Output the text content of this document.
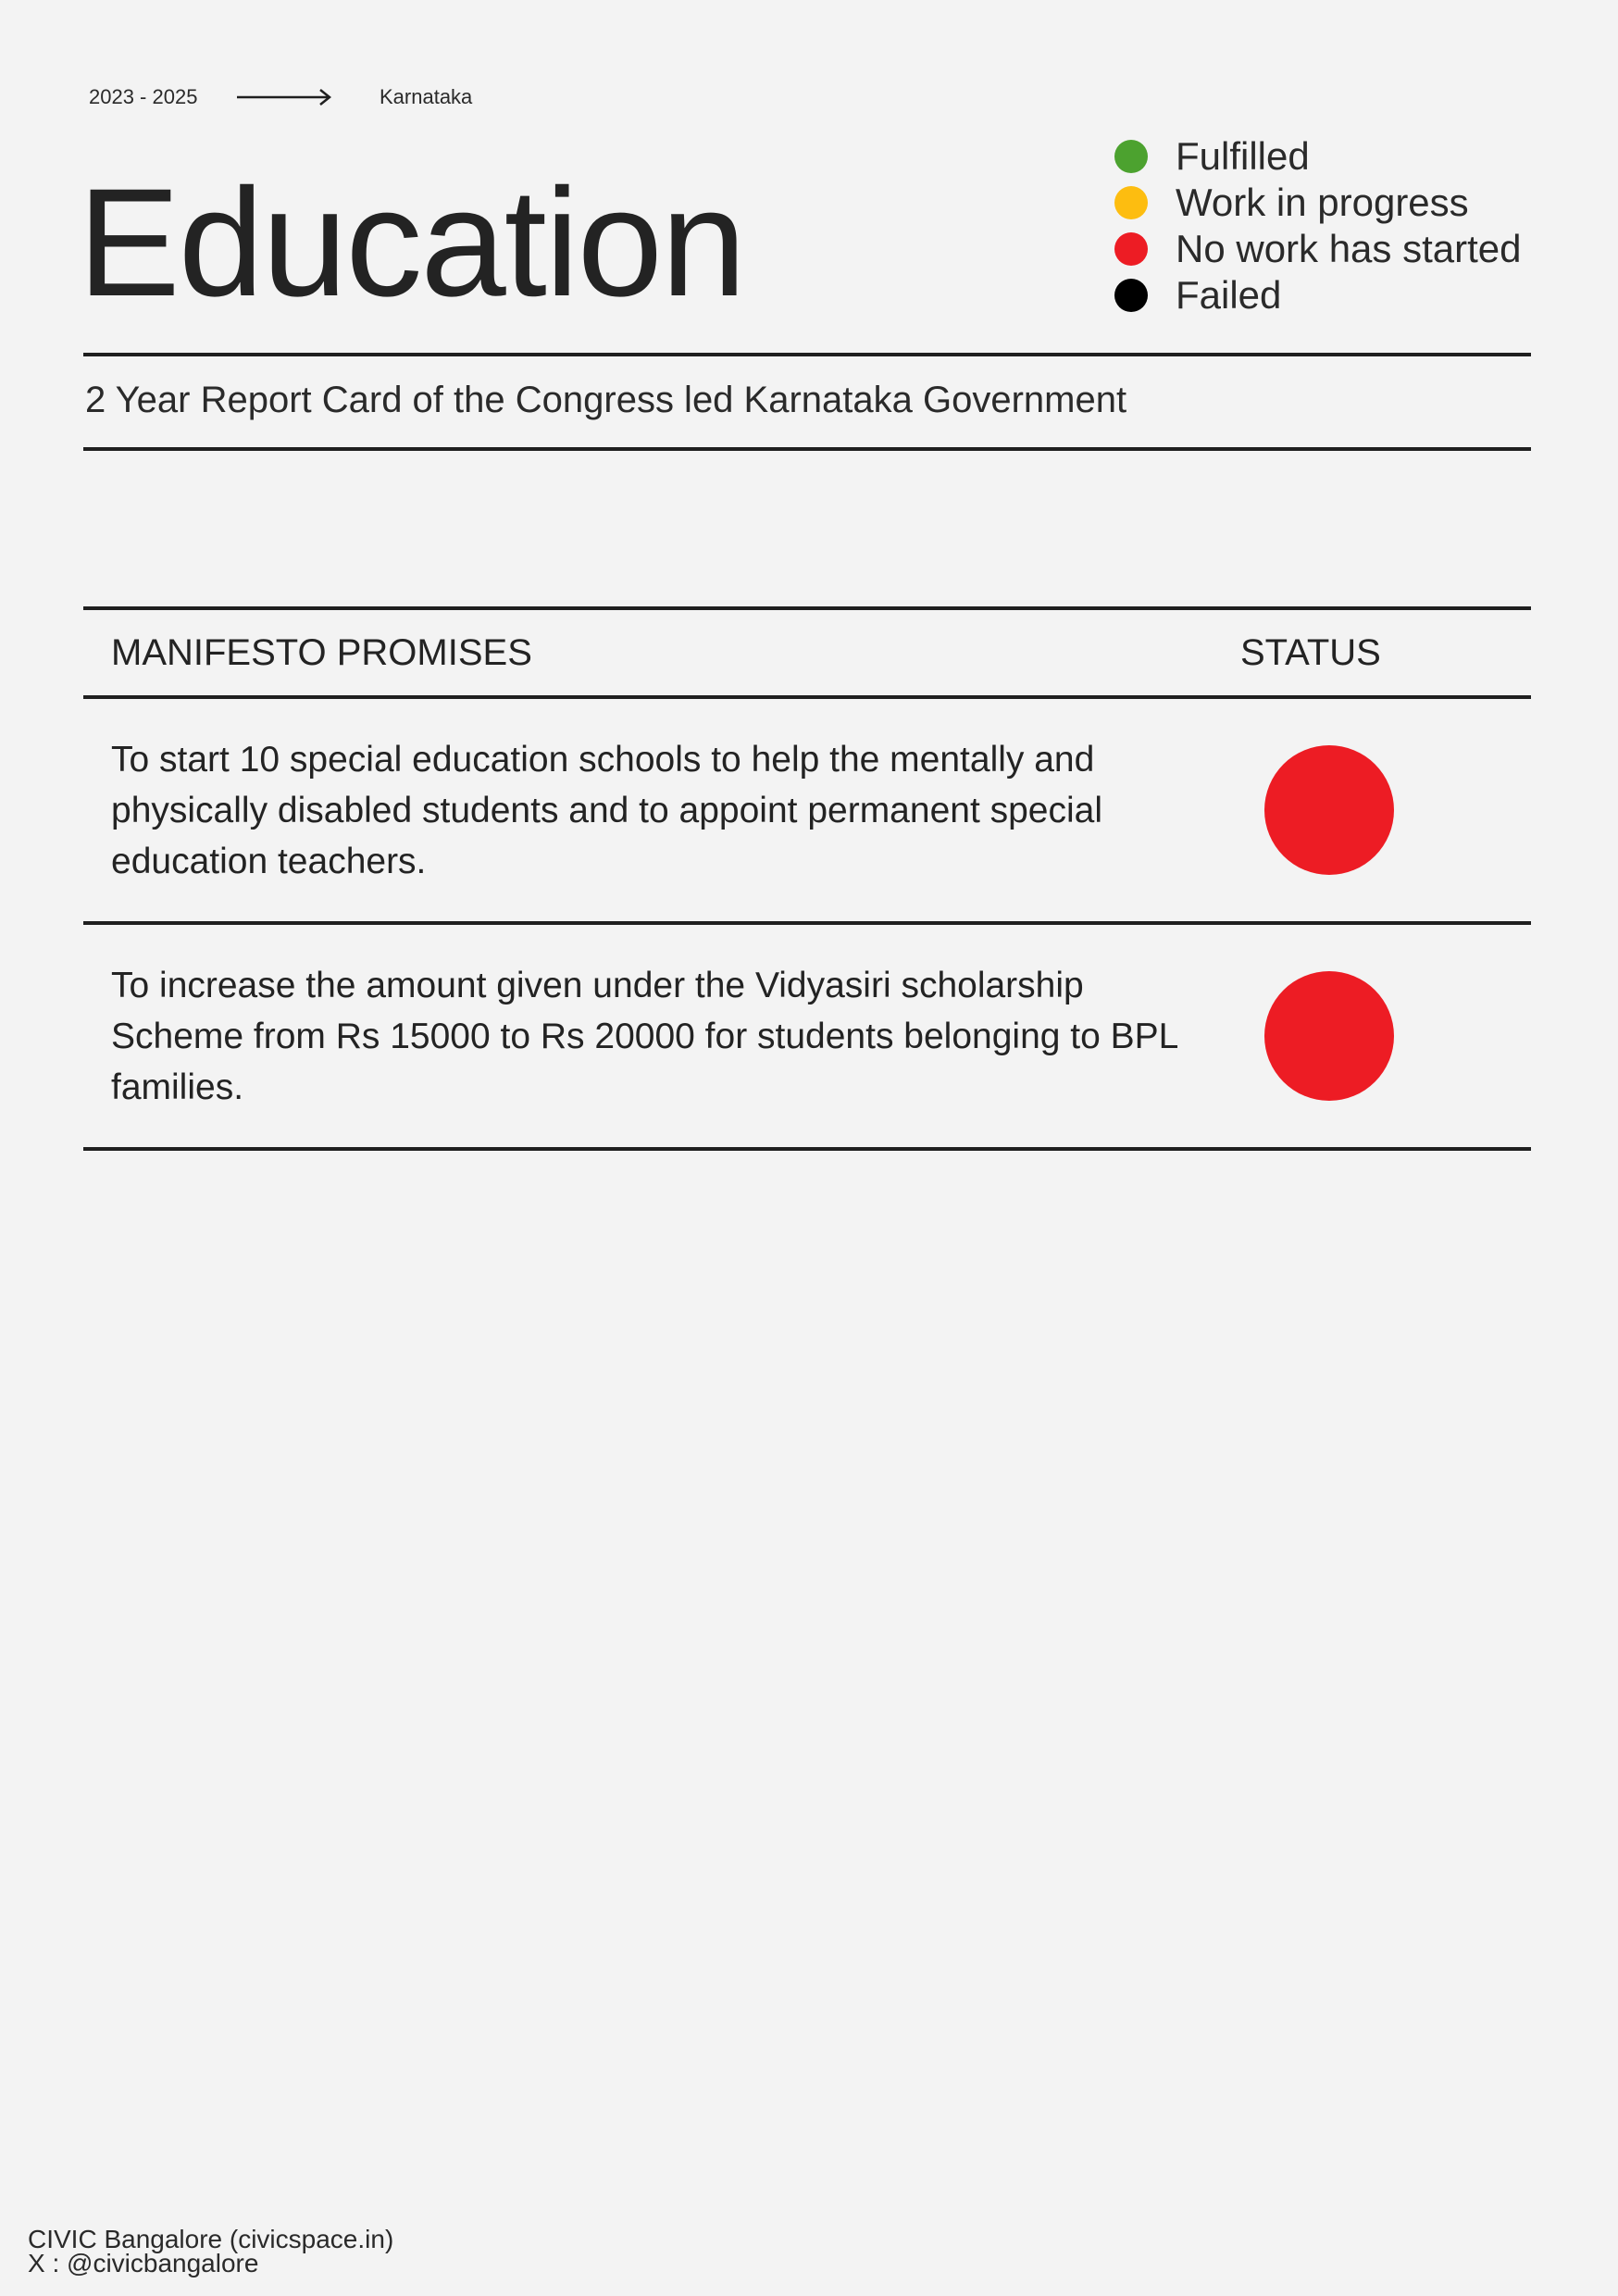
2023 - 2025	Karnataka
Education
Fulfilled
Work in progress
No work has started
Failed
2 Year Report Card of the Congress led Karnataka Government
MANIFESTO PROMISES	STATUS
To start 10 special education schools to help the mentally and physically disabled students and to appoint permanent special education teachers.
To increase the amount given under the Vidyasiri scholarship Scheme from Rs 15000 to Rs 20000 for students belonging to BPL families.
CIVIC Bangalore (civicspace.in)
X : @civicbangalore
